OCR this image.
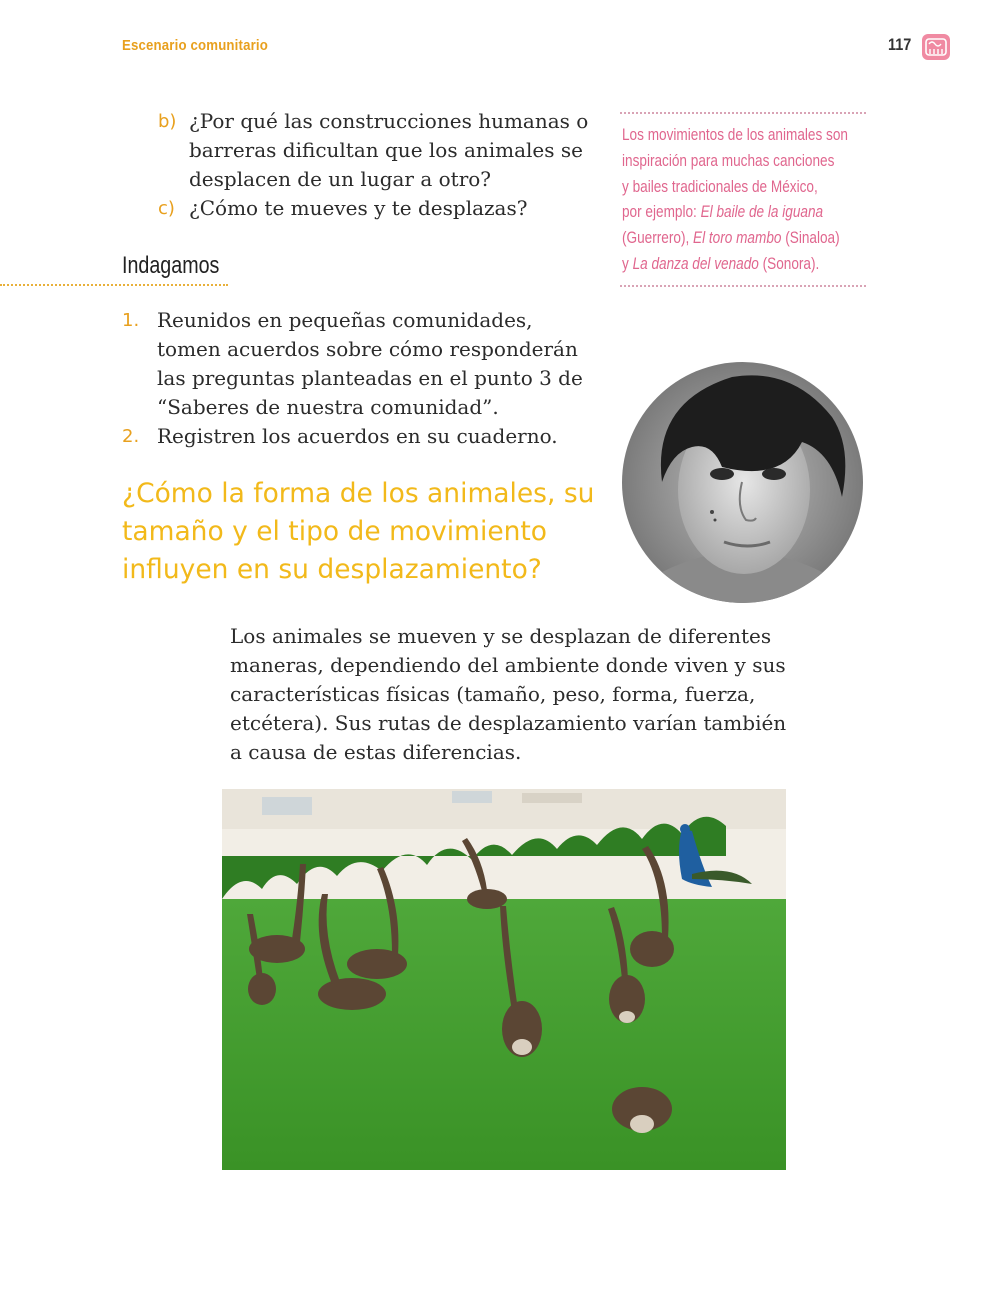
Escenario comunitario	117
b) ¿Por qué las construcciones humanas o barreras dificultan que los animales se desplacen de un lugar a otro?
c) ¿Cómo te mueves y te desplazas?
Los movimientos de los animales son
inspiración para muchas canciones
y bailes tradicionales de México,
por ejemplo: El baile de la iguana
(Guerrero), El toro mambo (Sinaloa)
y La danza del venado (Sonora).
Indagamos
1. Reunidos en pequeñas comunidades, tomen acuerdos sobre cómo responderán las preguntas planteadas en el punto 3 de “Saberes de nuestra comunidad”.
2. Registren los acuerdos en su cuaderno.
¿Cómo la forma de los animales, su tamaño y el tipo de movimiento influyen en su desplazamiento?
Los animales se mueven y se desplazan de diferentes maneras, dependiendo del ambiente donde viven y sus características físicas (tamaño, peso, forma, fuerza, etcétera). Sus rutas de desplazamiento varían también a causa de estas diferencias.
